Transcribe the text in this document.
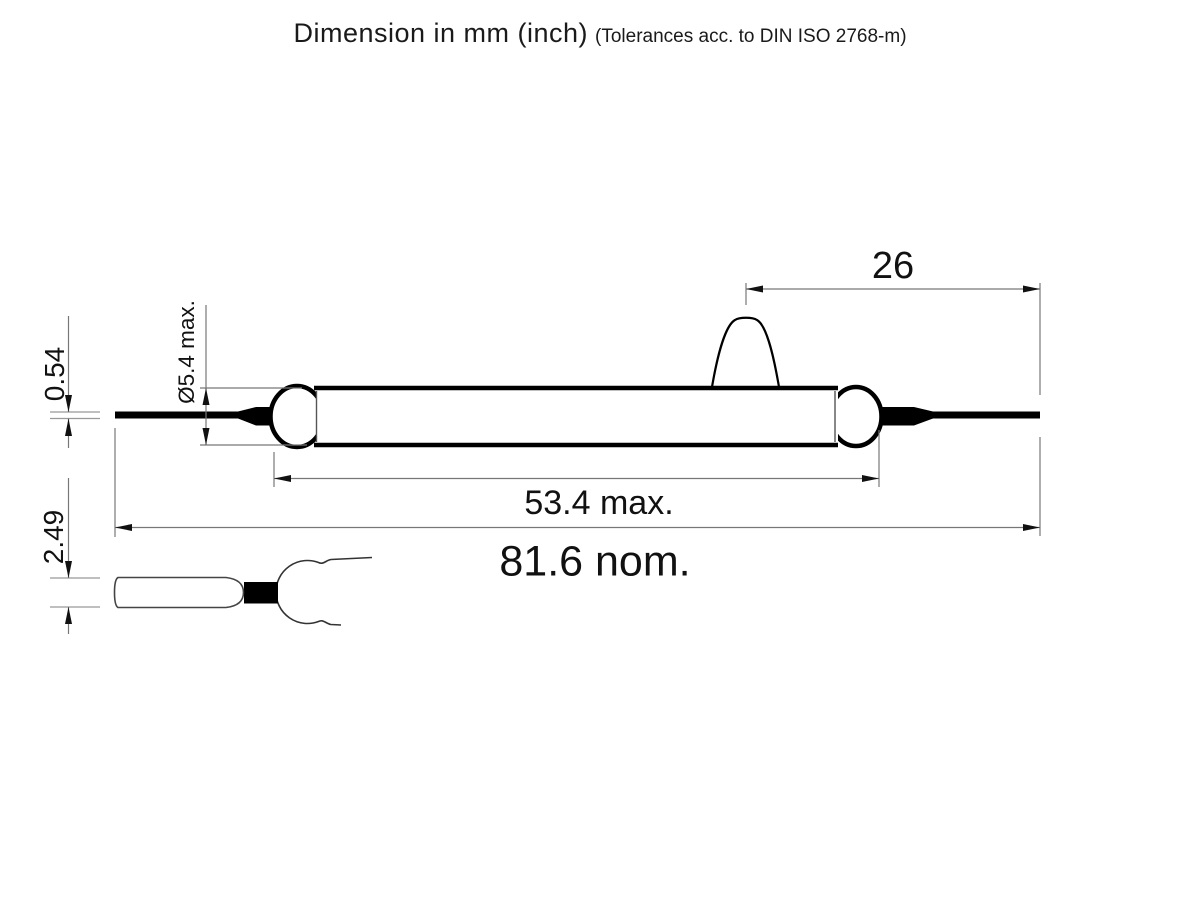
Dimension in mm (inch) (Tolerances acc. to DIN ISO 2768-m)
26
Ø5.4 max.
0.54
53.4 max.
81.6 nom.
2.49
